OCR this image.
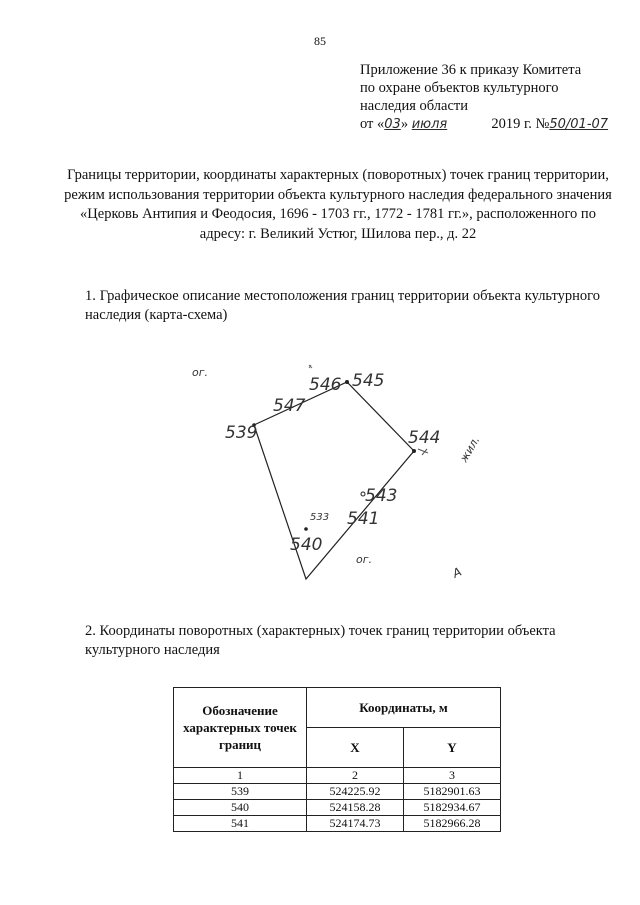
85
Приложение 36 к приказу Комитета
по охране объектов культурного
наследия области
от «03» июля	2019 г. №50/01-07
Границы территории, координаты характерных (поворотных) точек границ территории, режим использования территории объекта культурного наследия федерального значения «Церковь Антипия и Феодосия, 1696 - 1703 гг., 1772 - 1781 гг.», расположенного по адресу: г. Великий Устюг, Шилова пер., д. 22
1. Графическое описание местоположения границ территории объекта культурного наследия (карта-схема)
539
540
541
543
544
545
546
547
ог.
ог.
533
жил.
А
2. Координаты поворотных (характерных) точек границ территории объекта культурного наследия
Обозначение характерных точек границ	Координаты, м	
	X	Y
1	2	3
539	524225.92	5182901.63
540	524158.28	5182934.67
541	524174.73	5182966.28
